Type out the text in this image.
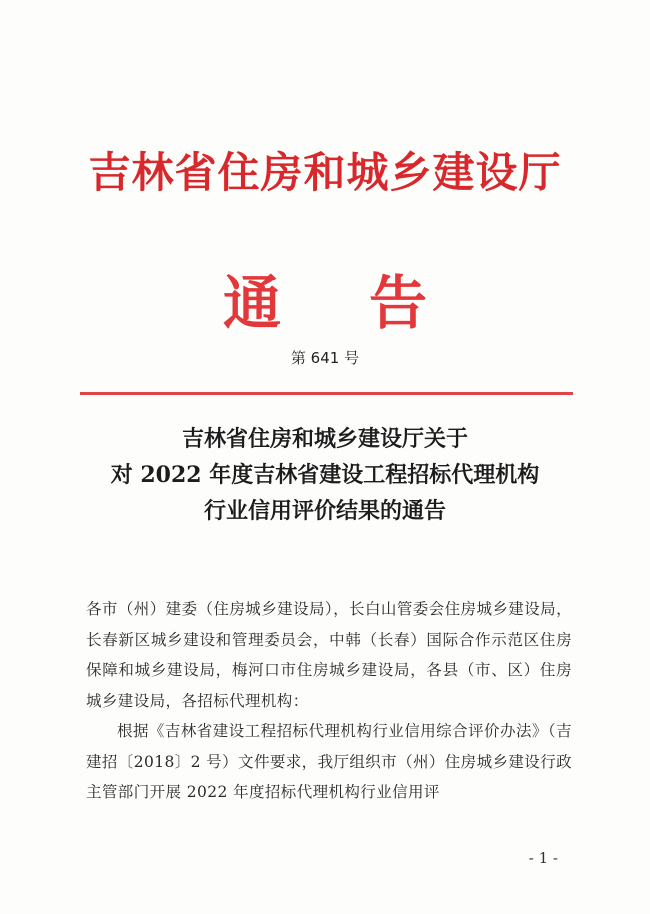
吉林省住房和城乡建设厅
通 告
第 641 号
吉林省住房和城乡建设厅关于
对 2022 年度吉林省建设工程招标代理机构
行业信用评价结果的通告

各市（州）建委（住房城乡建设局），长白山管委会住房城乡建设局，长春新区城乡建设和管理委员会，中韩（长春）国际合作示范区住房保障和城乡建设局，梅河口市住房城乡建设局，各县（市、区）住房城乡建设局，各招标代理机构：

根据《吉林省建设工程招标代理机构行业信用综合评价办法》（吉建招〔2018〕2 号）文件要求，我厅组织市（州）住房城乡建设行政主管部门开展 2022 年度招标代理机构行业信用评

- 1 -
